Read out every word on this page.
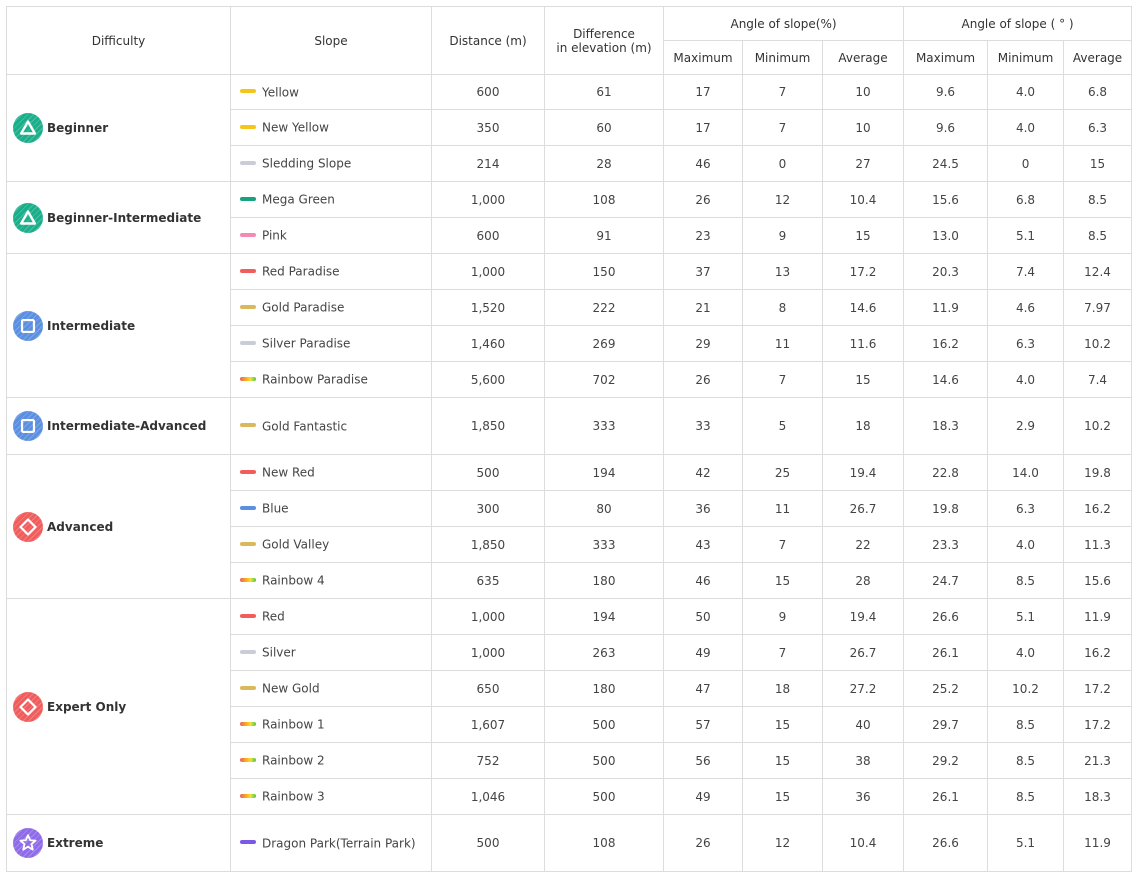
Difficulty	Slope	Distance (m)	Difference
in elevation (m)	Angle of slope(%)			Angle of slope ( ° )		
				Maximum	Minimum	Average	Maximum	Minimum	Average

Beginner	Yellow	600	61	17	7	10	9.6	4.0	6.8
	New Yellow	350	60	17	7	10	9.6	4.0	6.3
	Sledding Slope	214	28	46	0	27	24.5	0	15

Beginner-Intermediate	Mega Green	1,000	108	26	12	10.4	15.6	6.8	8.5
	Pink	600	91	23	9	15	13.0	5.1	8.5

Intermediate	Red Paradise	1,000	150	37	13	17.2	20.3	7.4	12.4
	Gold Paradise	1,520	222	21	8	14.6	11.9	4.6	7.97
	Silver Paradise	1,460	269	29	11	11.6	16.2	6.3	10.2
	Rainbow Paradise	5,600	702	26	7	15	14.6	4.0	7.4

Intermediate-Advanced	Gold Fantastic	1,850	333	33	5	18	18.3	2.9	10.2

Advanced	New Red	500	194	42	25	19.4	22.8	14.0	19.8
	Blue	300	80	36	11	26.7	19.8	6.3	16.2
	Gold Valley	1,850	333	43	7	22	23.3	4.0	11.3
	Rainbow 4	635	180	46	15	28	24.7	8.5	15.6

Expert Only	Red	1,000	194	50	9	19.4	26.6	5.1	11.9
	Silver	1,000	263	49	7	26.7	26.1	4.0	16.2
	New Gold	650	180	47	18	27.2	25.2	10.2	17.2
	Rainbow 1	1,607	500	57	15	40	29.7	8.5	17.2
	Rainbow 2	752	500	56	15	38	29.2	8.5	21.3
	Rainbow 3	1,046	500	49	15	36	26.1	8.5	18.3

Extreme	Dragon Park(Terrain Park)	500	108	26	12	10.4	26.6	5.1	11.9
